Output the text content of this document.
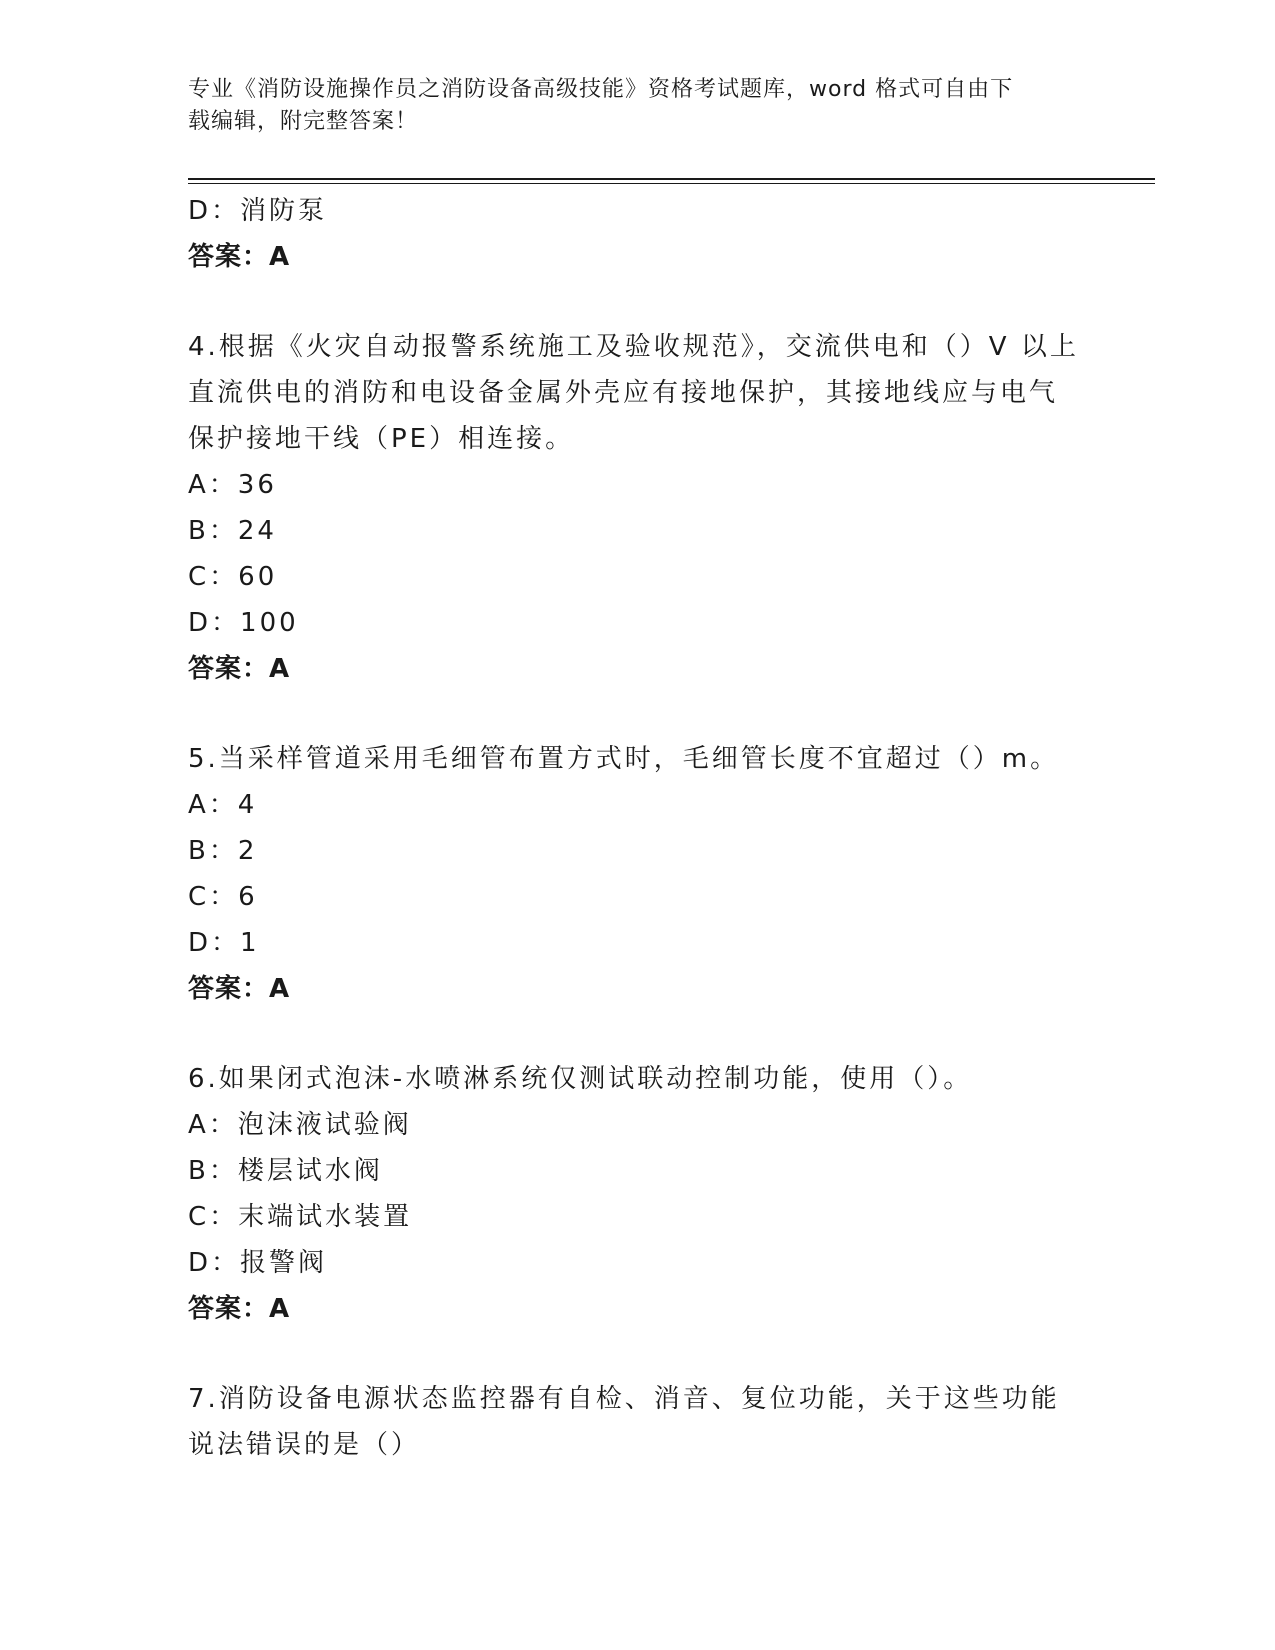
专业《消防设施操作员之消防设备高级技能》资格考试题库，word 格式可自由下
载编辑，附完整答案！
D：消防泵
答案：A
4.根据《火灾自动报警系统施工及验收规范》，交流供电和（）V 以上
直流供电的消防和电设备金属外壳应有接地保护，其接地线应与电气
保护接地干线（PE）相连接。
A：36
B：24
C：60
D：100
答案：A
5.当采样管道采用毛细管布置方式时，毛细管长度不宜超过（）m。
A：4
B：2
C：6
D：1
答案：A
6.如果闭式泡沫-水喷淋系统仅测试联动控制功能，使用（）。
A：泡沫液试验阀
B：楼层试水阀
C：末端试水装置
D：报警阀
答案：A
7.消防设备电源状态监控器有自检、消音、复位功能，关于这些功能
说法错误的是（）
